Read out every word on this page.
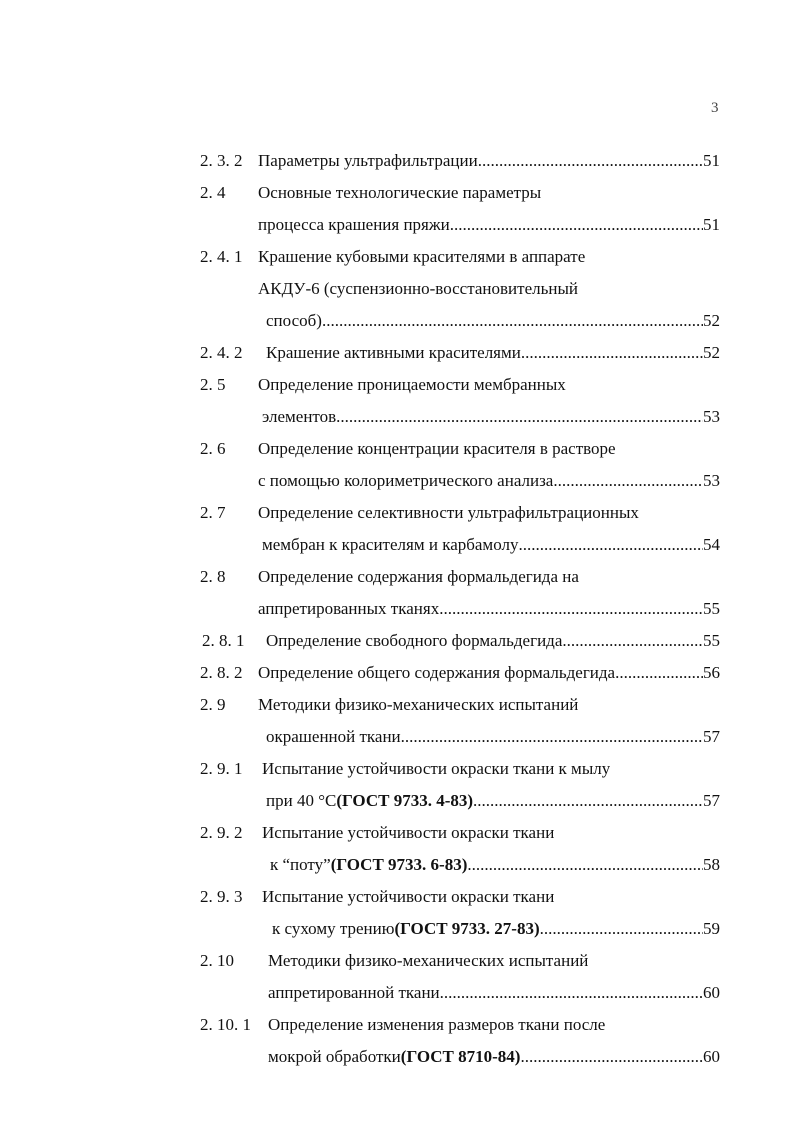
3
2. 3. 2 Параметры ультрафильтрации .....	51
2. 4 Основные технологические параметры
процесса крашения пряжи .....	51
2. 4. 1 Крашение кубовыми красителями в аппарате
АКДУ-6 (суспензионно-восстановительный
способ) .....	52
2. 4. 2 Крашение активными красителями .....	52
2. 5 Определение проницаемости мембранных
элементов .....	53
2. 6 Определение концентрации красителя в растворе
с помощью колориметрического анализа .....	53
2. 7 Определение селективности ультрафильтрационных
мембран к красителям и карбамолу .....	54
2. 8 Определение содержания формальдегида на
аппретированных тканях .....	55
2. 8. 1 Определение свободного формальдегида .....	55
2. 8. 2 Определение общего содержания формальдегида .....	56
2. 9 Методики физико-механических испытаний
окрашенной ткани .....	57
2. 9. 1 Испытание устойчивости окраски ткани к мылу
при 40 °С (ГОСТ 9733. 4-83) .....	57
2. 9. 2 Испытание устойчивости окраски ткани
к “поту” (ГОСТ 9733. 6-83) .....	58
2. 9. 3 Испытание устойчивости окраски ткани
к сухому трению (ГОСТ 9733. 27-83) .....	59
2. 10 Методики физико-механических испытаний
аппретированной ткани .....	60
2. 10. 1 Определение изменения размеров ткани после
мокрой обработки (ГОСТ 8710-84) .....	60
